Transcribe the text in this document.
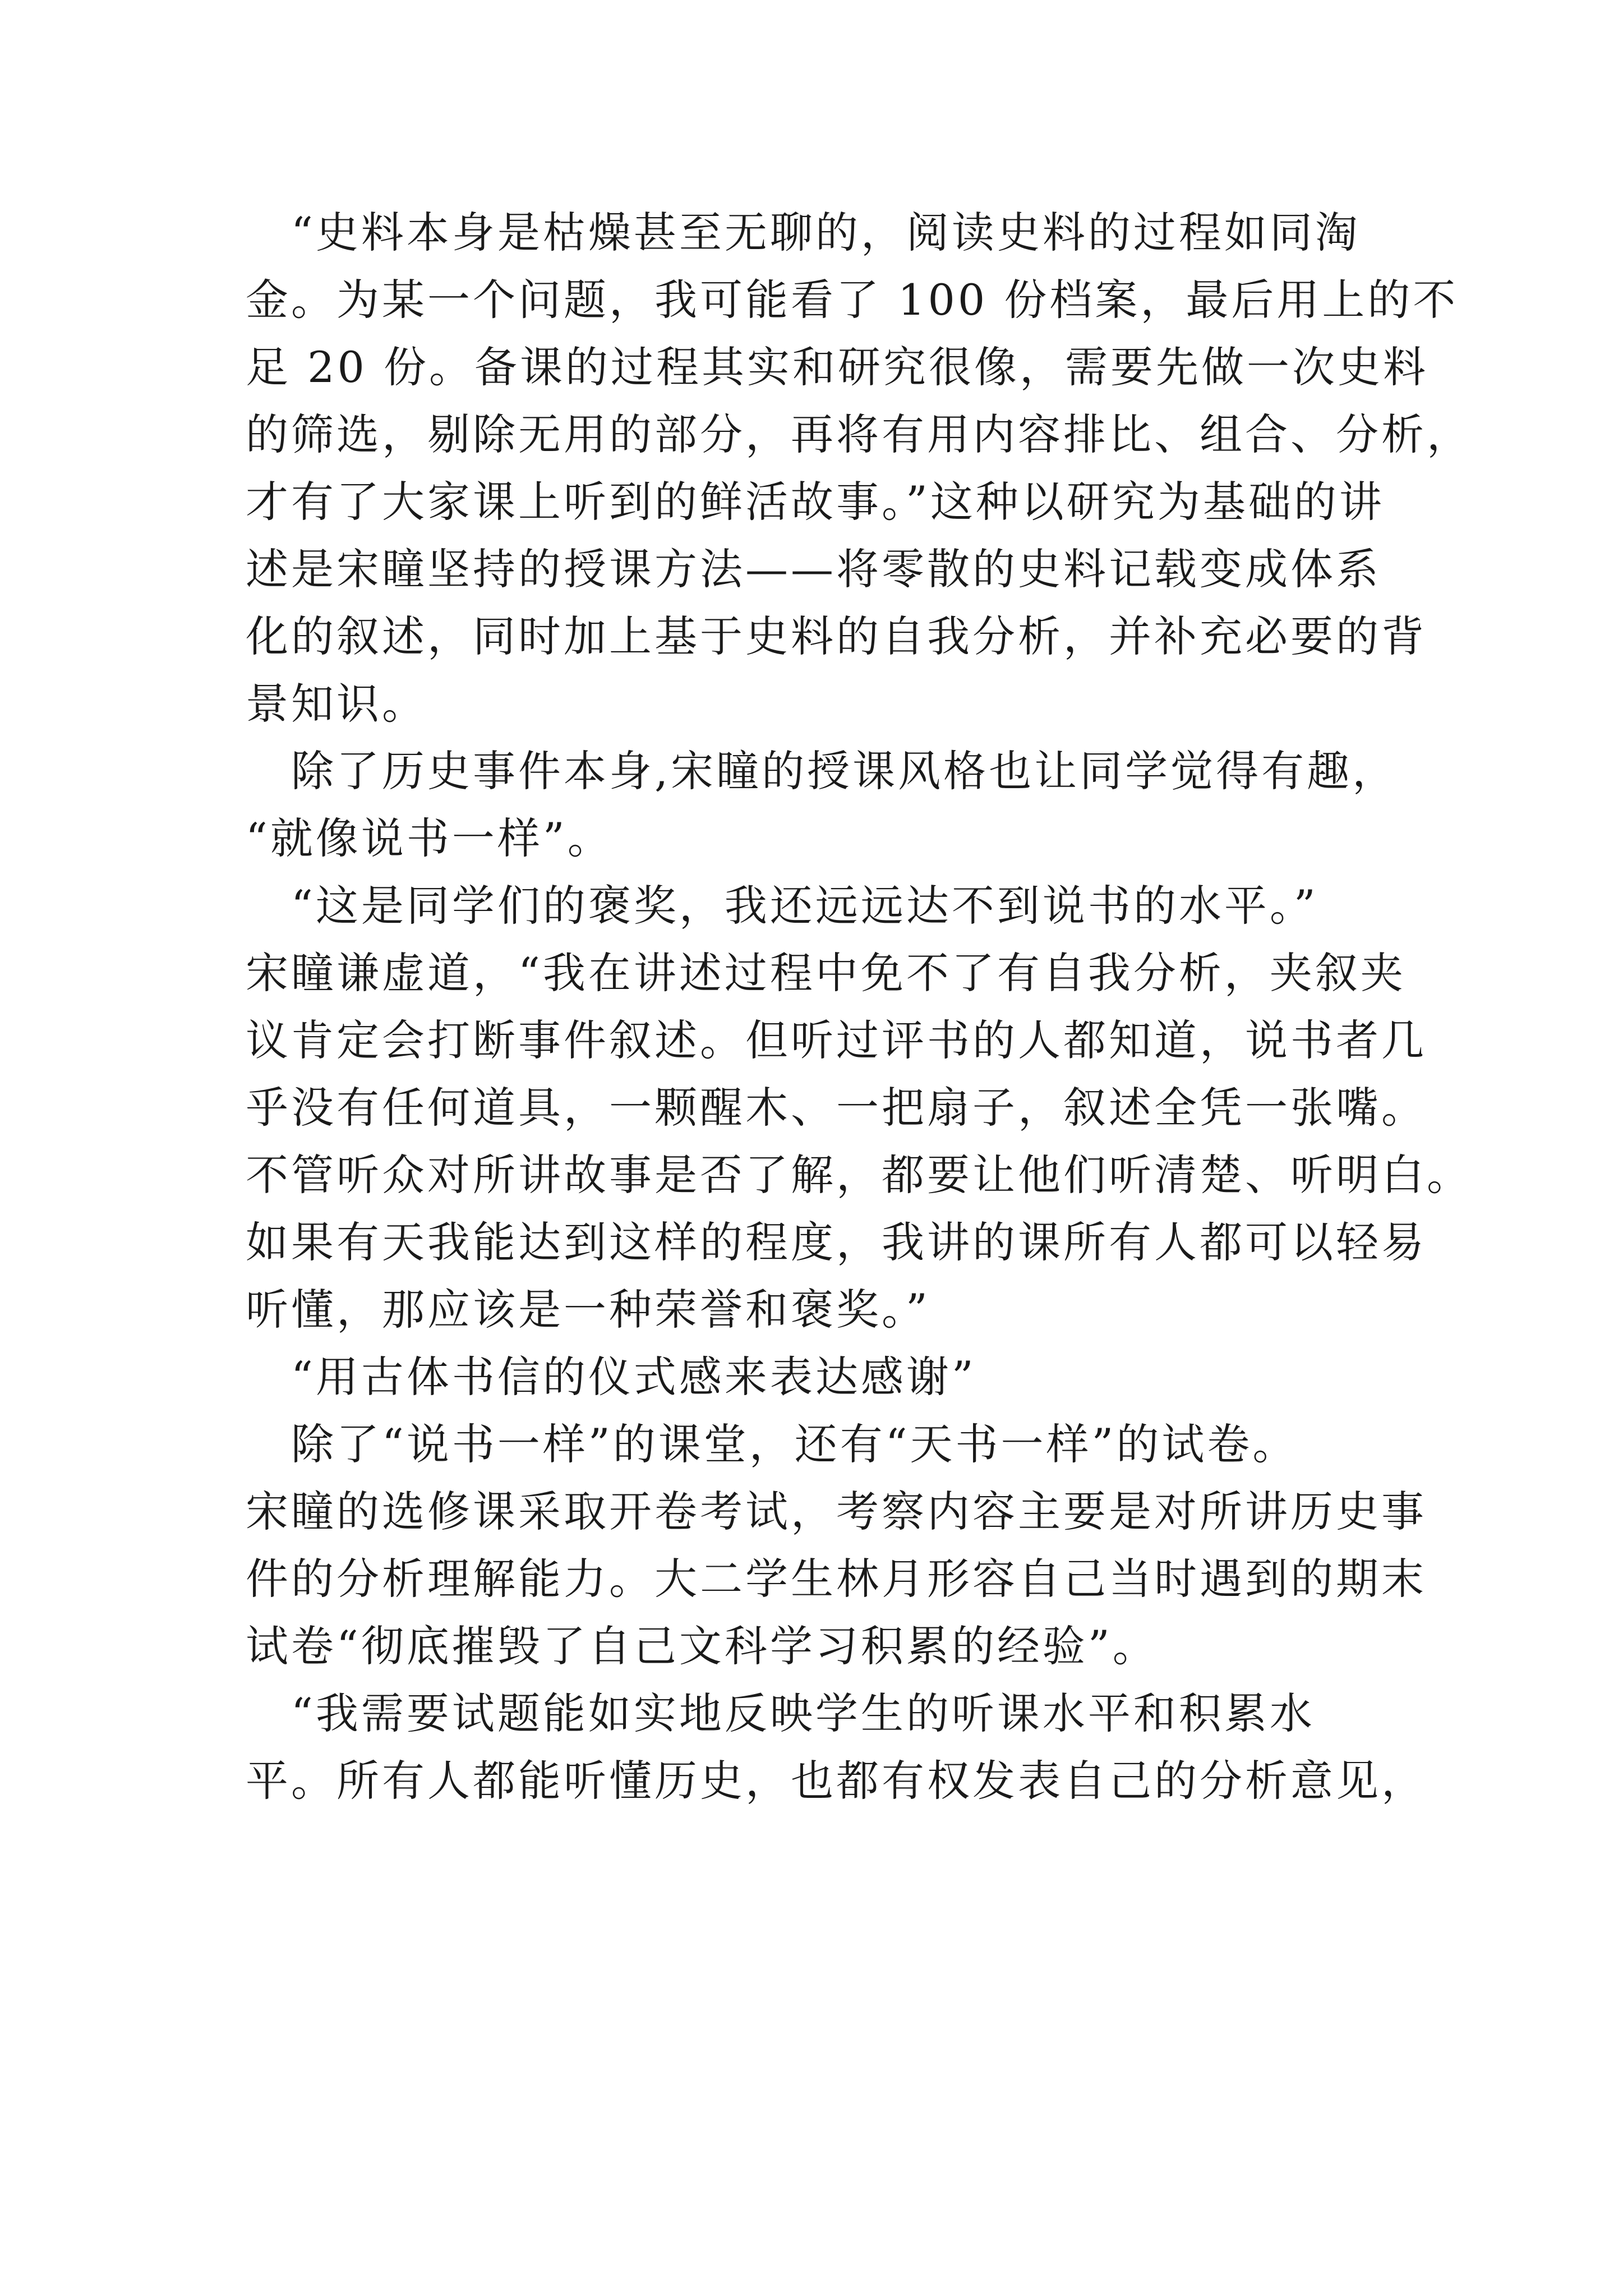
　“史料本身是枯燥甚至无聊的，阅读史料的过程如同淘
金。为某一个问题，我可能看了 100 份档案，最后用上的不
足 20 份。备课的过程其实和研究很像，需要先做一次史料
的筛选，剔除无用的部分，再将有用内容排比、组合、分析，
才有了大家课上听到的鲜活故事。”这种以研究为基础的讲
述是宋瞳坚持的授课方法——将零散的史料记载变成体系
化的叙述，同时加上基于史料的自我分析，并补充必要的背
景知识。
　除了历史事件本身,宋瞳的授课风格也让同学觉得有趣，
“就像说书一样”。
　“这是同学们的褒奖，我还远远达不到说书的水平。”
宋瞳谦虚道，“我在讲述过程中免不了有自我分析，夹叙夹
议肯定会打断事件叙述。但听过评书的人都知道，说书者几
乎没有任何道具，一颗醒木、一把扇子，叙述全凭一张嘴。
不管听众对所讲故事是否了解，都要让他们听清楚、听明白。
如果有天我能达到这样的程度，我讲的课所有人都可以轻易
听懂，那应该是一种荣誉和褒奖。”
　“用古体书信的仪式感来表达感谢”
　除了“说书一样”的课堂，还有“天书一样”的试卷。
宋瞳的选修课采取开卷考试，考察内容主要是对所讲历史事
件的分析理解能力。大二学生林月形容自己当时遇到的期末
试卷“彻底摧毁了自己文科学习积累的经验”。
　“我需要试题能如实地反映学生的听课水平和积累水
平。所有人都能听懂历史，也都有权发表自己的分析意见，
